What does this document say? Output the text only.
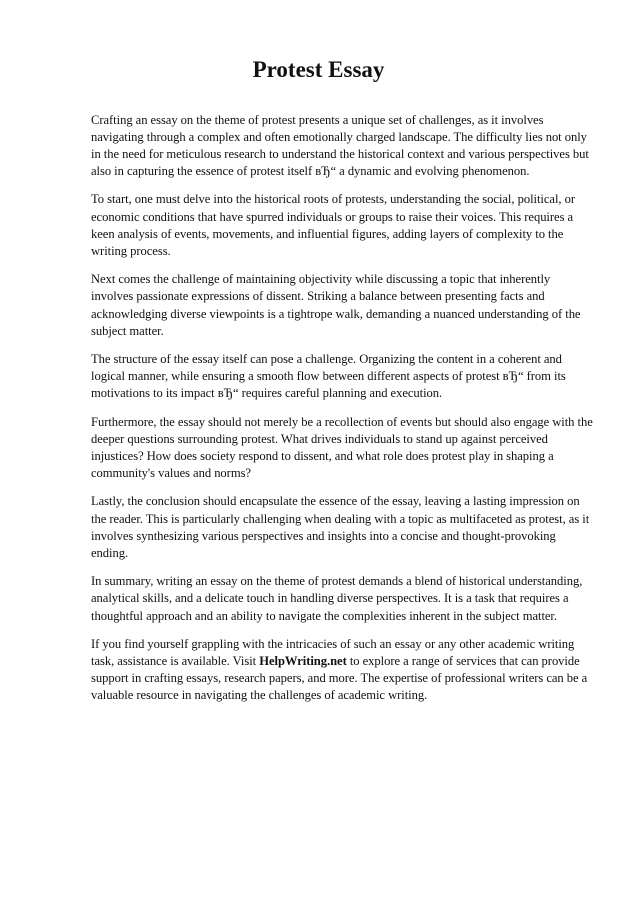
Protest Essay

Crafting an essay on the theme of protest presents a unique set of challenges, as it involves navigating through a complex and often emotionally charged landscape. The difficulty lies not only in the need for meticulous research to understand the historical context and various perspectives but also in capturing the essence of protest itself вЂ“ a dynamic and evolving phenomenon.

To start, one must delve into the historical roots of protests, understanding the social, political, or economic conditions that have spurred individuals or groups to raise their voices. This requires a keen analysis of events, movements, and influential figures, adding layers of complexity to the writing process.

Next comes the challenge of maintaining objectivity while discussing a topic that inherently involves passionate expressions of dissent. Striking a balance between presenting facts and acknowledging diverse viewpoints is a tightrope walk, demanding a nuanced understanding of the subject matter.

The structure of the essay itself can pose a challenge. Organizing the content in a coherent and logical manner, while ensuring a smooth flow between different aspects of protest вЂ“ from its motivations to its impact вЂ“ requires careful planning and execution.

Furthermore, the essay should not merely be a recollection of events but should also engage with the deeper questions surrounding protest. What drives individuals to stand up against perceived injustices? How does society respond to dissent, and what role does protest play in shaping a community's values and norms?

Lastly, the conclusion should encapsulate the essence of the essay, leaving a lasting impression on the reader. This is particularly challenging when dealing with a topic as multifaceted as protest, as it involves synthesizing various perspectives and insights into a concise and thought-provoking ending.

In summary, writing an essay on the theme of protest demands a blend of historical understanding, analytical skills, and a delicate touch in handling diverse perspectives. It is a task that requires a thoughtful approach and an ability to navigate the complexities inherent in the subject matter.

If you find yourself grappling with the intricacies of such an essay or any other academic writing task, assistance is available. Visit HelpWriting.net to explore a range of services that can provide support in crafting essays, research papers, and more. The expertise of professional writers can be a valuable resource in navigating the challenges of academic writing.
